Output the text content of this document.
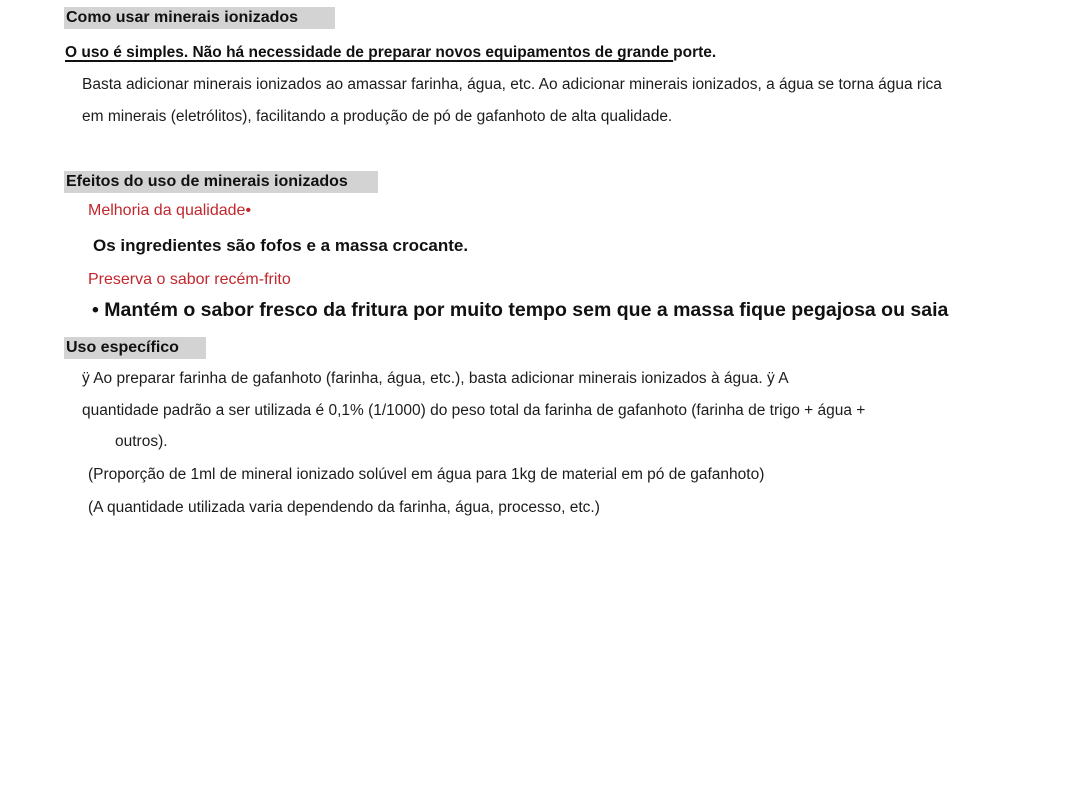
Como usar minerais ionizados
O uso é simples. Não há necessidade de preparar novos equipamentos de grande porte.
Basta adicionar minerais ionizados ao amassar farinha, água, etc. Ao adicionar minerais ionizados, a água se torna água rica
em minerais (eletrólitos), facilitando a produção de pó de gafanhoto de alta qualidade.
Efeitos do uso de minerais ionizados
Melhoria da qualidade•
Os ingredientes são fofos e a massa crocante.
Preserva o sabor recém-frito
• Mantém o sabor fresco da fritura por muito tempo sem que a massa fique pegajosa ou saia
Uso específico
ÿ Ao preparar farinha de gafanhoto (farinha, água, etc.), basta adicionar minerais ionizados à água. ÿ A
quantidade padrão a ser utilizada é 0,1% (1/1000) do peso total da farinha de gafanhoto (farinha de trigo + água +
outros).
(Proporção de 1ml de mineral ionizado solúvel em água para 1kg de material em pó de gafanhoto)
(A quantidade utilizada varia dependendo da farinha, água, processo, etc.)
